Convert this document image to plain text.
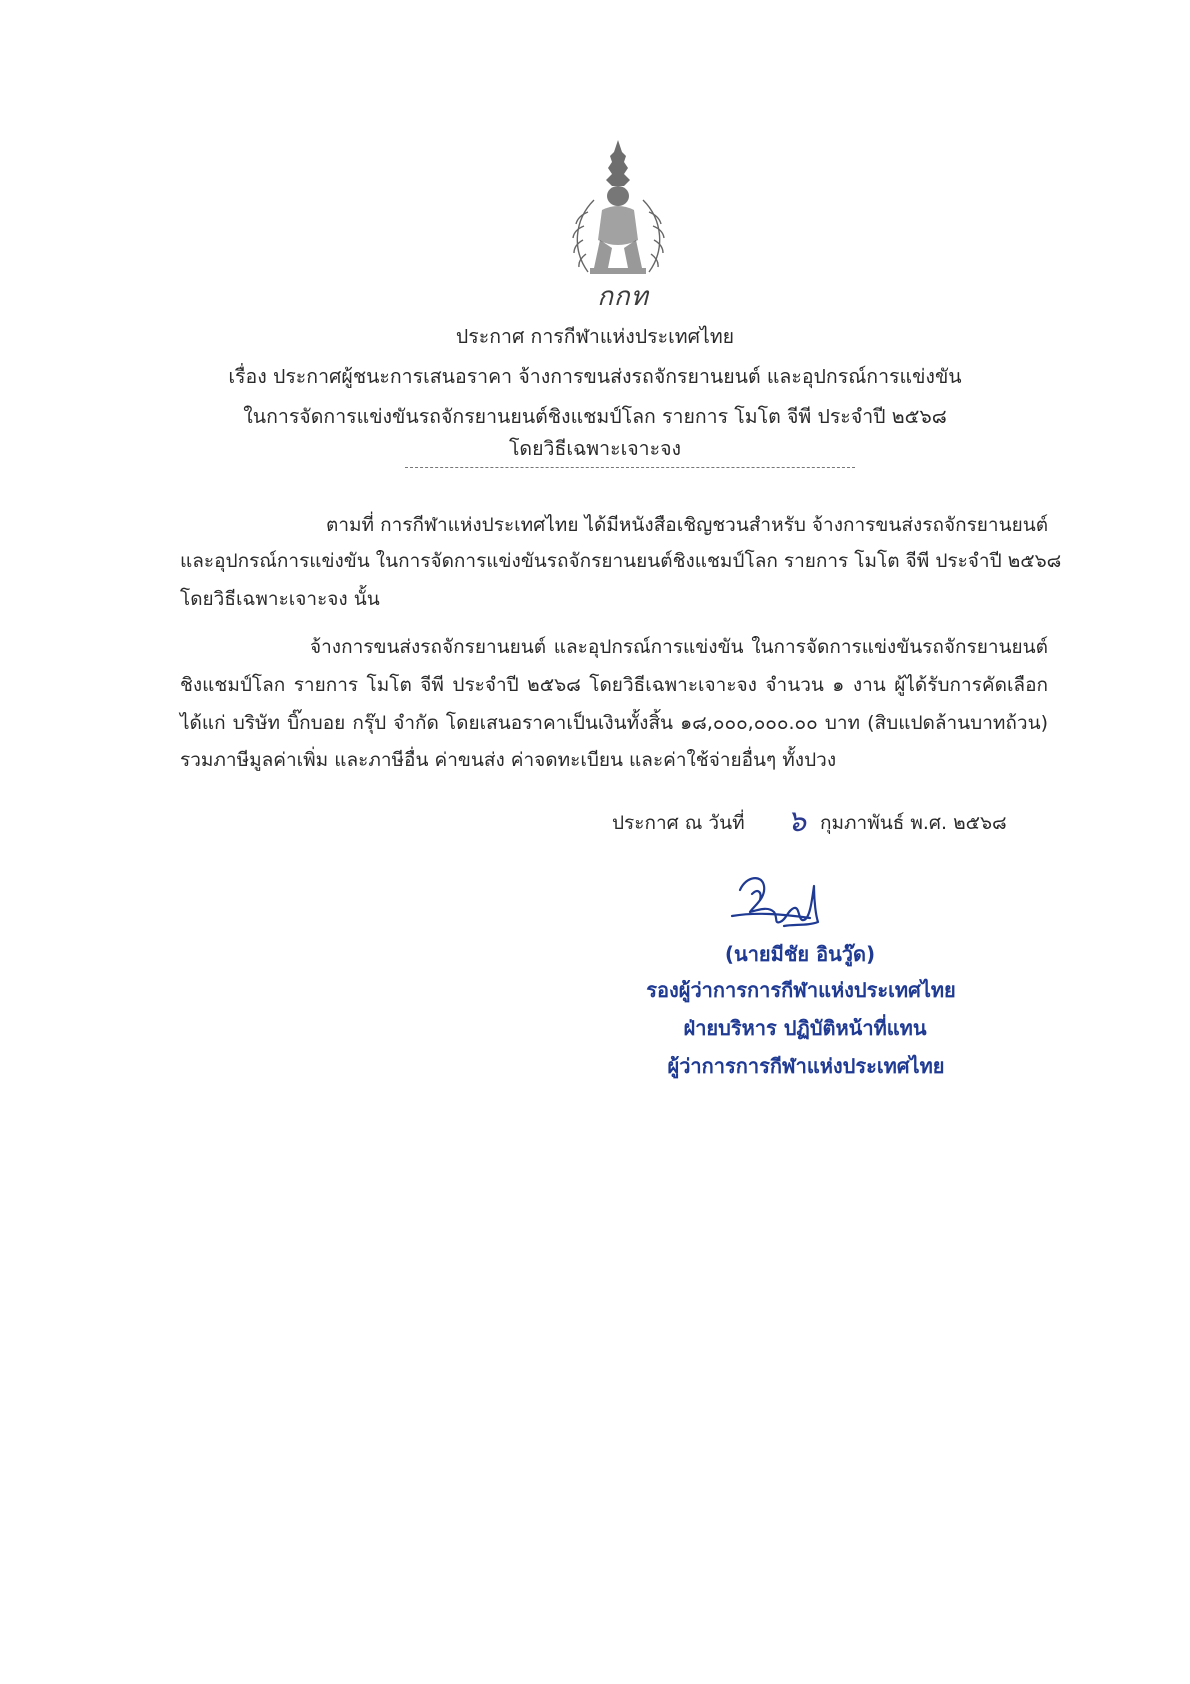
กกท
ประกาศ การกีฬาแห่งประเทศไทย
เรื่อง ประกาศผู้ชนะการเสนอราคา จ้างการขนส่งรถจักรยานยนต์ และอุปกรณ์การแข่งขัน
ในการจัดการแข่งขันรถจักรยานยนต์ชิงแชมป์โลก รายการ โมโต จีพี ประจำปี ๒๕๖๘
โดยวิธีเฉพาะเจาะจง
ตามที่ การกีฬาแห่งประเทศไทย ได้มีหนังสือเชิญชวนสำหรับ จ้างการขนส่งรถจักรยานยนต์
และอุปกรณ์การแข่งขัน ในการจัดการแข่งขันรถจักรยานยนต์ชิงแชมป์โลก รายการ โมโต จีพี ประจำปี ๒๕๖๘
โดยวิธีเฉพาะเจาะจง นั้น
จ้างการขนส่งรถจักรยานยนต์ และอุปกรณ์การแข่งขัน ในการจัดการแข่งขันรถจักรยานยนต์
ชิงแชมป์โลก รายการ โมโต จีพี ประจำปี ๒๕๖๘ โดยวิธีเฉพาะเจาะจง จำนวน ๑ งาน ผู้ได้รับการคัดเลือก
ได้แก่ บริษัท บิ๊กบอย กรุ๊ป จำกัด โดยเสนอราคาเป็นเงินทั้งสิ้น ๑๘,๐๐๐,๐๐๐.๐๐ บาท (สิบแปดล้านบาทถ้วน)
รวมภาษีมูลค่าเพิ่ม และภาษีอื่น ค่าขนส่ง ค่าจดทะเบียน และค่าใช้จ่ายอื่นๆ ทั้งปวง
ประกาศ ณ วันที่ ๖ กุมภาพันธ์ พ.ศ. ๒๕๖๘
(นายมีชัย อินวู๊ด)
รองผู้ว่าการการกีฬาแห่งประเทศไทย
ฝ่ายบริหาร ปฏิบัติหน้าที่แทน
ผู้ว่าการการกีฬาแห่งประเทศไทย
